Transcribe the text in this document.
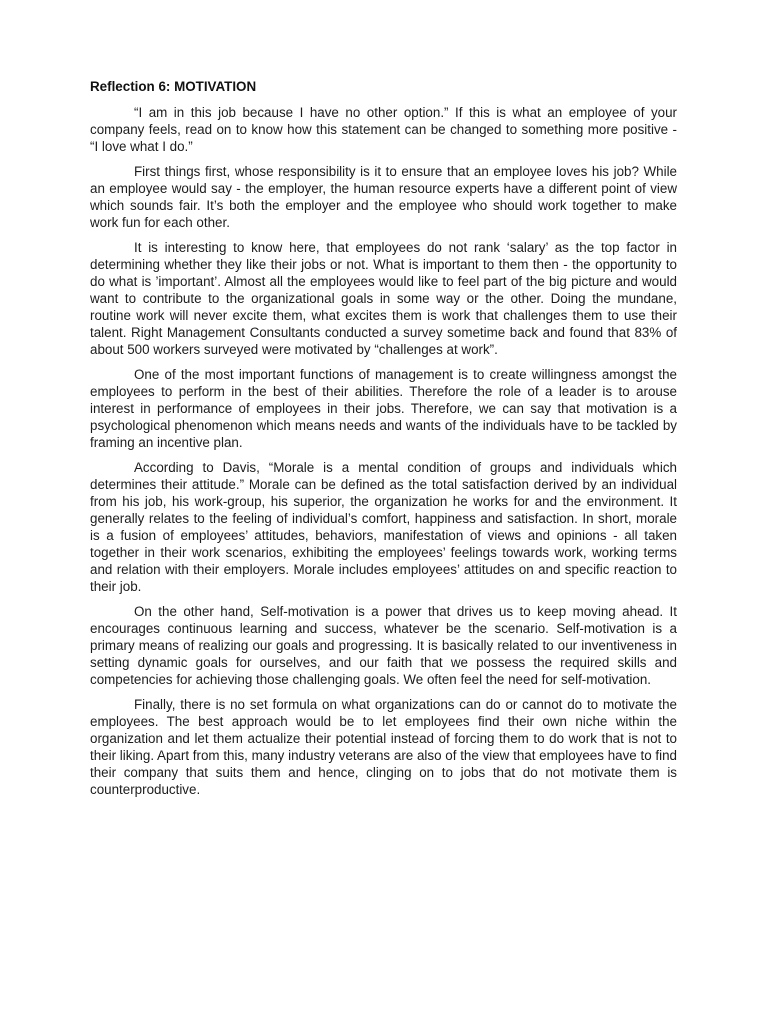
Reflection 6: MOTIVATION

“I am in this job because I have no other option.” If this is what an employee of your company feels, read on to know how this statement can be changed to something more positive - “I love what I do.”

First things first, whose responsibility is it to ensure that an employee loves his job? While an employee would say - the employer, the human resource experts have a different point of view which sounds fair. It’s both the employer and the employee who should work together to make work fun for each other.

It is interesting to know here, that employees do not rank ‘salary’ as the top factor in determining whether they like their jobs or not. What is important to them then - the opportunity to do what is ’important’. Almost all the employees would like to feel part of the big picture and would want to contribute to the organizational goals in some way or the other. Doing the mundane, routine work will never excite them, what excites them is work that challenges them to use their talent. Right Management Consultants conducted a survey sometime back and found that 83% of about 500 workers surveyed were motivated by “challenges at work”.

One of the most important functions of management is to create willingness amongst the employees to perform in the best of their abilities. Therefore the role of a leader is to arouse interest in performance of employees in their jobs. Therefore, we can say that motivation is a psychological phenomenon which means needs and wants of the individuals have to be tackled by framing an incentive plan.

According to Davis, “Morale is a mental condition of groups and individuals which determines their attitude.” Morale can be defined as the total satisfaction derived by an individual from his job, his work-group, his superior, the organization he works for and the environment. It generally relates to the feeling of individual’s comfort, happiness and satisfaction. In short, morale is a fusion of employees’ attitudes, behaviors, manifestation of views and opinions - all taken together in their work scenarios, exhibiting the employees’ feelings towards work, working terms and relation with their employers. Morale includes employees’ attitudes on and specific reaction to their job.

On the other hand, Self-motivation is a power that drives us to keep moving ahead. It encourages continuous learning and success, whatever be the scenario. Self-motivation is a primary means of realizing our goals and progressing. It is basically related to our inventiveness in setting dynamic goals for ourselves, and our faith that we possess the required skills and competencies for achieving those challenging goals. We often feel the need for self-motivation.

Finally, there is no set formula on what organizations can do or cannot do to motivate the employees. The best approach would be to let employees find their own niche within the organization and let them actualize their potential instead of forcing them to do work that is not to their liking. Apart from this, many industry veterans are also of the view that employees have to find their company that suits them and hence, clinging on to jobs that do not motivate them is counterproductive.
